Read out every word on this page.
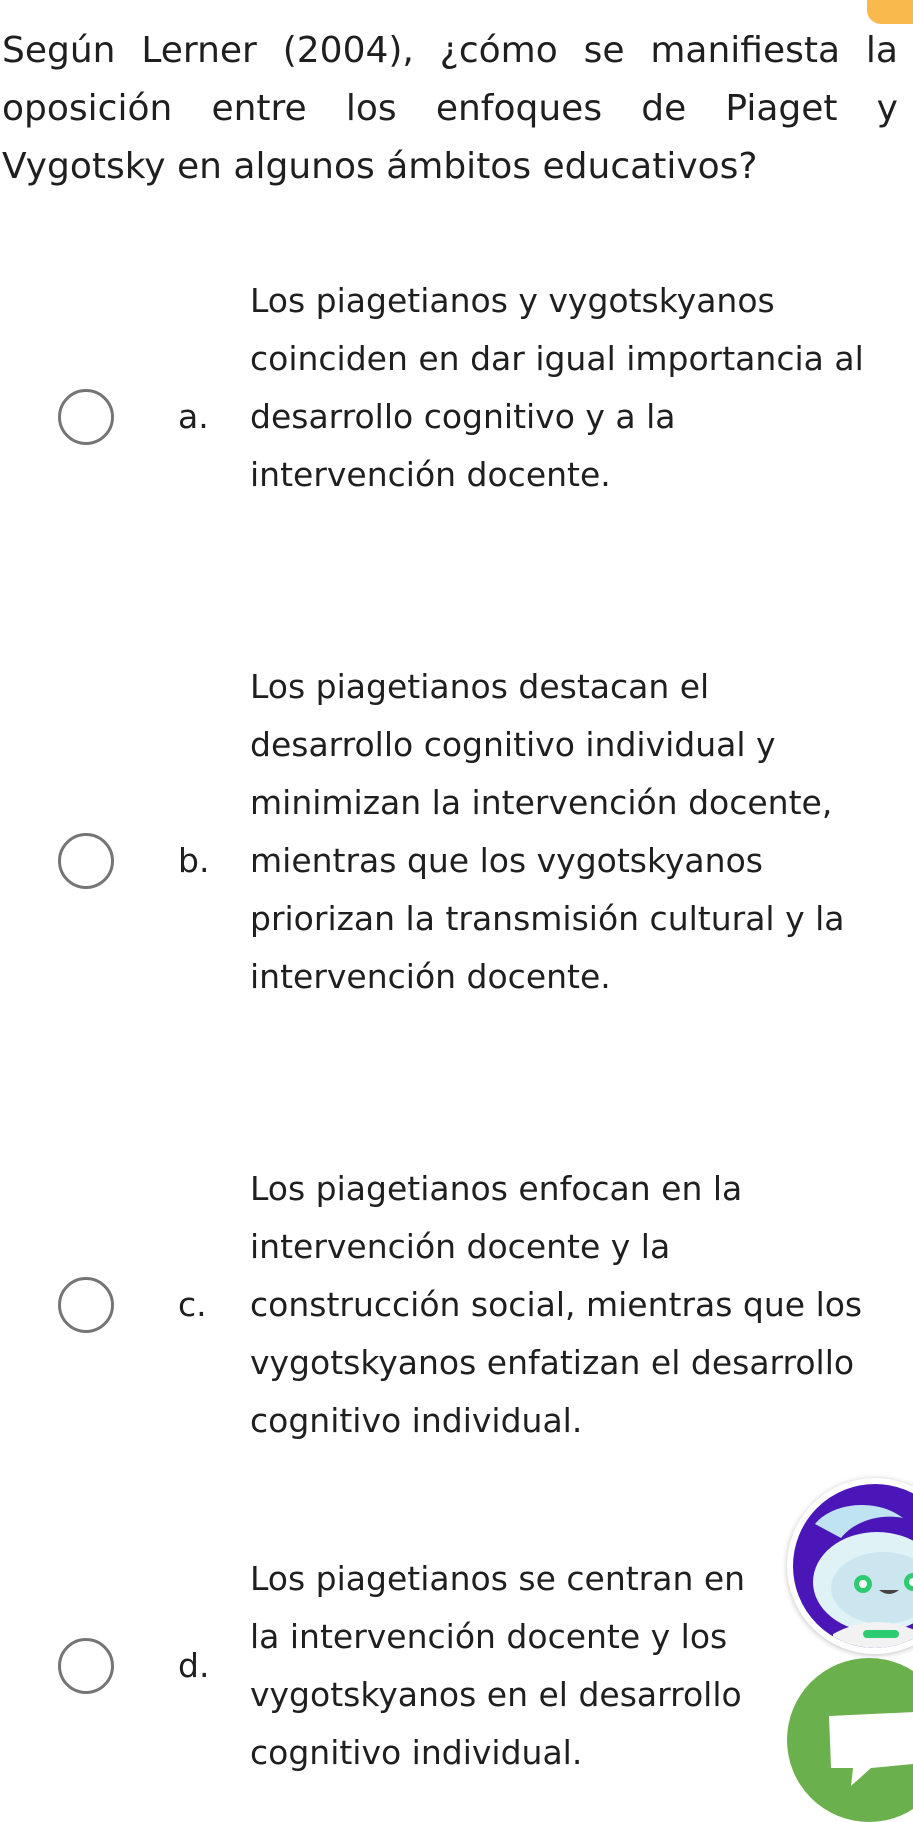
Según Lerner (2004), ¿cómo se manifiesta la oposición entre los enfoques de Piaget y Vygotsky en algunos ámbitos educativos?

a.

Los piagetianos y vygotskyanos coinciden en dar igual importancia al desarrollo cognitivo y a la intervención docente.

b.

Los piagetianos destacan el desarrollo cognitivo individual y minimizan la intervención docente, mientras que los vygotskyanos priorizan la transmisión cultural y la intervención docente.

c.

Los piagetianos enfocan en la intervención docente y la construcción social, mientras que los vygotskyanos enfatizan el desarrollo cognitivo individual.

d.

Los piagetianos se centran en la intervención docente y los vygotskyanos en el desarrollo cognitivo individual.
